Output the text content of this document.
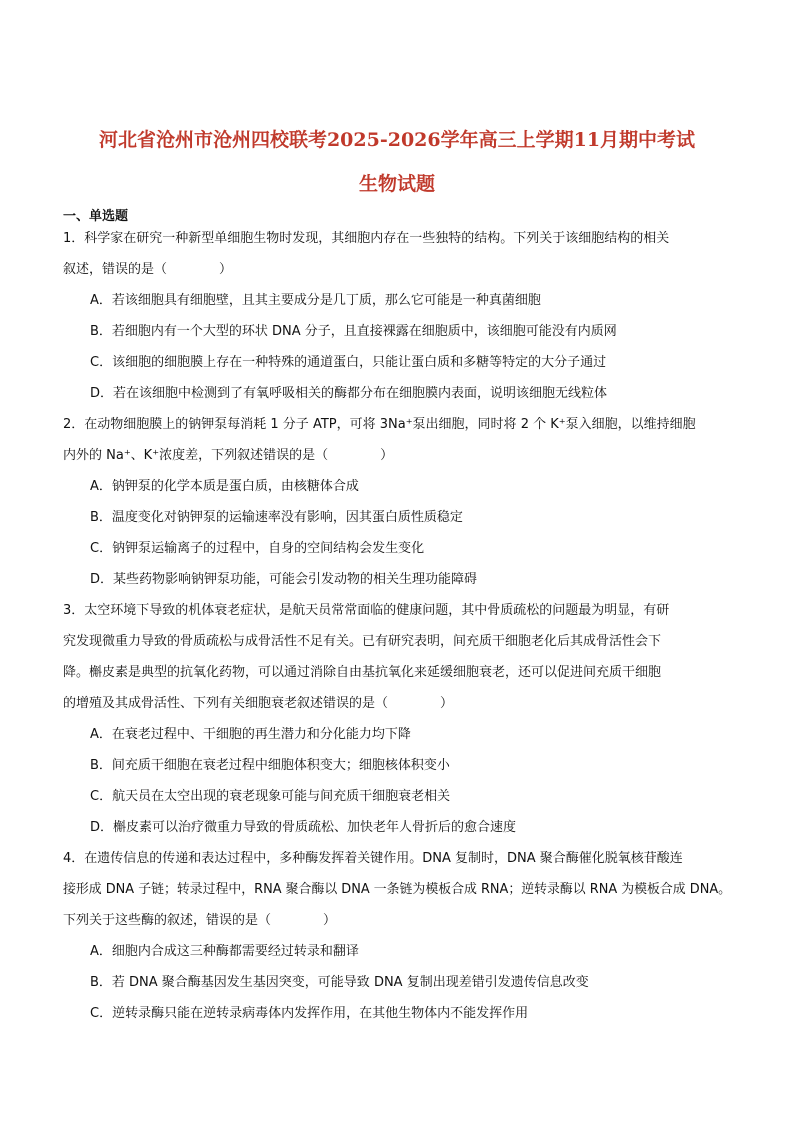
河北省沧州市沧州四校联考2025-2026学年高三上学期11月期中考试
生物试题
一、单选题
1．科学家在研究一种新型单细胞生物时发现，其细胞内存在一些独特的结构。下列关于该细胞结构的相关
叙述，错误的是（　　　　）
A．若该细胞具有细胞壁，且其主要成分是几丁质，那么它可能是一种真菌细胞
B．若细胞内有一个大型的环状 DNA 分子，且直接裸露在细胞质中，该细胞可能没有内质网
C．该细胞的细胞膜上存在一种特殊的通道蛋白，只能让蛋白质和多糖等特定的大分子通过
D．若在该细胞中检测到了有氧呼吸相关的酶都分布在细胞膜内表面，说明该细胞无线粒体
2．在动物细胞膜上的钠钾泵每消耗 1 分子 ATP，可将 3Na⁺泵出细胞，同时将 2 个 K⁺泵入细胞，以维持细胞
内外的 Na⁺、K⁺浓度差，下列叙述错误的是（　　　　）
A．钠钾泵的化学本质是蛋白质，由核糖体合成
B．温度变化对钠钾泵的运输速率没有影响，因其蛋白质性质稳定
C．钠钾泵运输离子的过程中，自身的空间结构会发生变化
D．某些药物影响钠钾泵功能，可能会引发动物的相关生理功能障碍
3．太空环境下导致的机体衰老症状，是航天员常常面临的健康问题，其中骨质疏松的问题最为明显，有研
究发现微重力导致的骨质疏松与成骨活性不足有关。已有研究表明，间充质干细胞老化后其成骨活性会下
降。槲皮素是典型的抗氧化药物，可以通过消除自由基抗氧化来延缓细胞衰老，还可以促进间充质干细胞
的增殖及其成骨活性、下列有关细胞衰老叙述错误的是（　　　　）
A．在衰老过程中、干细胞的再生潜力和分化能力均下降
B．间充质干细胞在衰老过程中细胞体积变大；细胞核体积变小
C．航天员在太空出现的衰老现象可能与间充质干细胞衰老相关
D．槲皮素可以治疗微重力导致的骨质疏松、加快老年人骨折后的愈合速度
4．在遗传信息的传递和表达过程中，多种酶发挥着关键作用。DNA 复制时，DNA 聚合酶催化脱氧核苷酸连
接形成 DNA 子链；转录过程中，RNA 聚合酶以 DNA 一条链为模板合成 RNA；逆转录酶以 RNA 为模板合成 DNA。
下列关于这些酶的叙述，错误的是（　　　　）
A．细胞内合成这三种酶都需要经过转录和翻译
B．若 DNA 聚合酶基因发生基因突变，可能导致 DNA 复制出现差错引发遗传信息改变
C．逆转录酶只能在逆转录病毒体内发挥作用，在其他生物体内不能发挥作用
